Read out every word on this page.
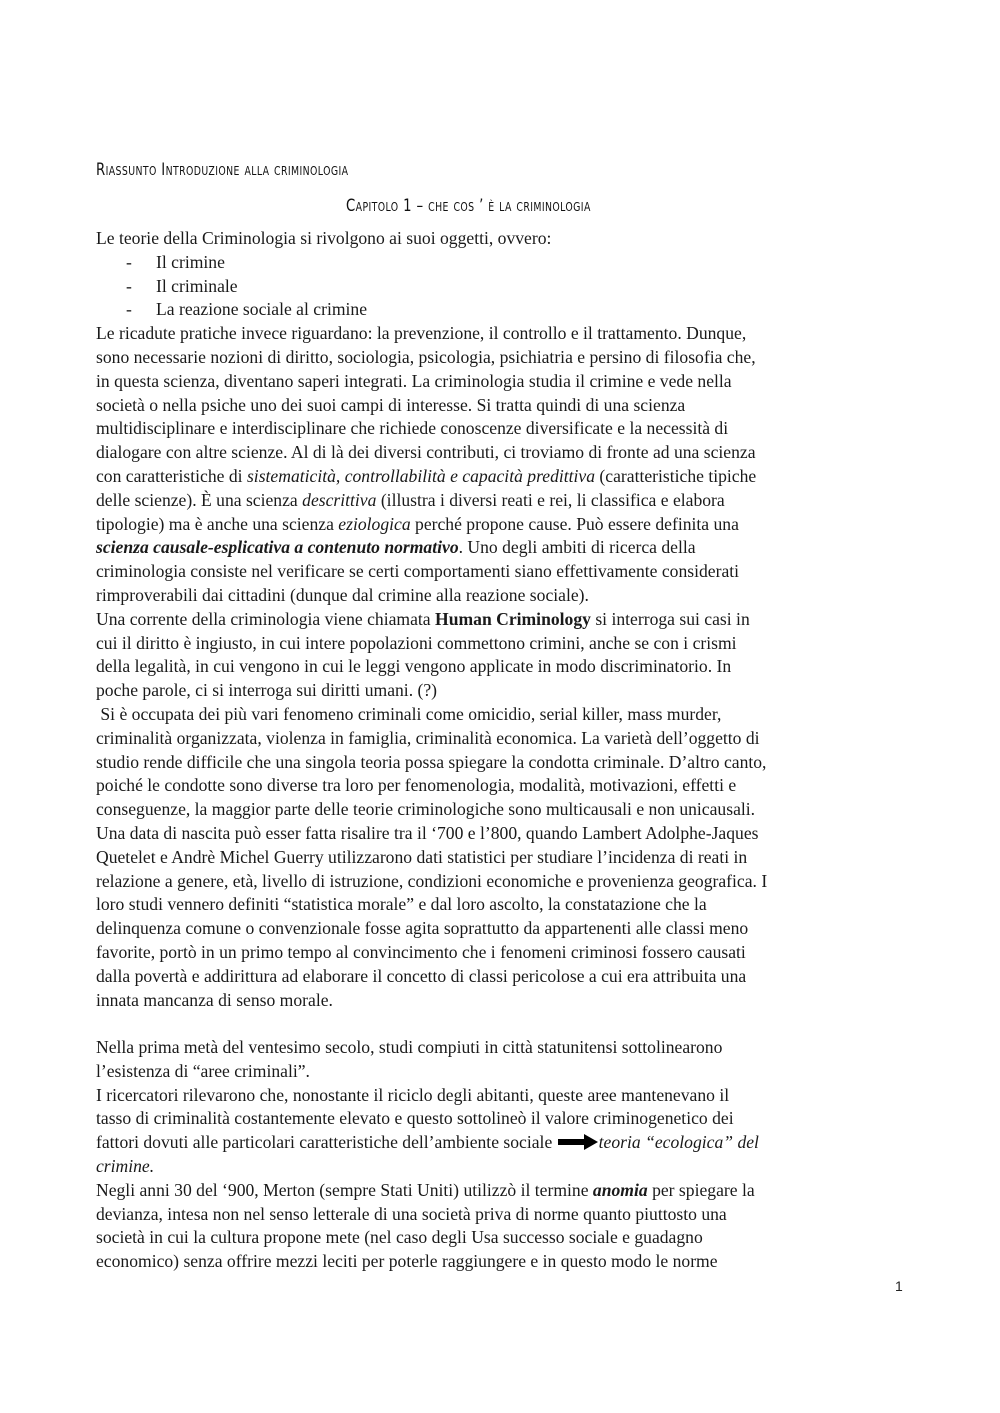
Riassunto Introduzione alla criminologia
Capitolo 1 – che cos ’ è la criminologia
Le teorie della Criminologia si rivolgono ai suoi oggetti, ovvero:
- Il crimine
- Il criminale
- La reazione sociale al crimine
Le ricadute pratiche invece riguardano: la prevenzione, il controllo e il trattamento. Dunque,
sono necessarie nozioni di diritto, sociologia, psicologia, psichiatria e persino di filosofia che,
in questa scienza, diventano saperi integrati. La criminologia studia il crimine e vede nella
società o nella psiche uno dei suoi campi di interesse. Si tratta quindi di una scienza
multidisciplinare e interdisciplinare che richiede conoscenze diversificate e la necessità di
dialogare con altre scienze. Al di là dei diversi contributi, ci troviamo di fronte ad una scienza
con caratteristiche di sistematicità, controllabilità e capacità predittiva (caratteristiche tipiche
delle scienze). È una scienza descrittiva (illustra i diversi reati e rei, li classifica e elabora
tipologie) ma è anche una scienza eziologica perché propone cause. Può essere definita una
scienza causale-esplicativa a contenuto normativo. Uno degli ambiti di ricerca della
criminologia consiste nel verificare se certi comportamenti siano effettivamente considerati
rimproverabili dai cittadini (dunque dal crimine alla reazione sociale).
Una corrente della criminologia viene chiamata Human Criminology si interroga sui casi in
cui il diritto è ingiusto, in cui intere popolazioni commettono crimini, anche se con i crismi
della legalità, in cui vengono in cui le leggi vengono applicate in modo discriminatorio. In
poche parole, ci si interroga sui diritti umani. (?)
Si è occupata dei più vari fenomeno criminali come omicidio, serial killer, mass murder,
criminalità organizzata, violenza in famiglia, criminalità economica. La varietà dell’oggetto di
studio rende difficile che una singola teoria possa spiegare la condotta criminale. D’altro canto,
poiché le condotte sono diverse tra loro per fenomenologia, modalità, motivazioni, effetti e
conseguenze, la maggior parte delle teorie criminologiche sono multicausali e non unicausali.
Una data di nascita può esser fatta risalire tra il ‘700 e l’800, quando Lambert Adolphe-Jaques
Quetelet e Andrè Michel Guerry utilizzarono dati statistici per studiare l’incidenza di reati in
relazione a genere, età, livello di istruzione, condizioni economiche e provenienza geografica. I
loro studi vennero definiti “statistica morale” e dal loro ascolto, la constatazione che la
delinquenza comune o convenzionale fosse agita soprattutto da appartenenti alle classi meno
favorite, portò in un primo tempo al convincimento che i fenomeni criminosi fossero causati
dalla povertà e addirittura ad elaborare il concetto di classi pericolose a cui era attribuita una
innata mancanza di senso morale.
Nella prima metà del ventesimo secolo, studi compiuti in città statunitensi sottolinearono
l’esistenza di “aree criminali”.
I ricercatori rilevarono che, nonostante il riciclo degli abitanti, queste aree mantenevano il
tasso di criminalità costantemente elevato e questo sottolineò il valore criminogenetico dei
fattori dovuti alle particolari caratteristiche dell’ambiente sociale teoria “ecologica” del
crimine.
Negli anni 30 del ‘900, Merton (sempre Stati Uniti) utilizzò il termine anomia per spiegare la
devianza, intesa non nel senso letterale di una società priva di norme quanto piuttosto una
società in cui la cultura propone mete (nel caso degli Usa successo sociale e guadagno
economico) senza offrire mezzi leciti per poterle raggiungere e in questo modo le norme
1
